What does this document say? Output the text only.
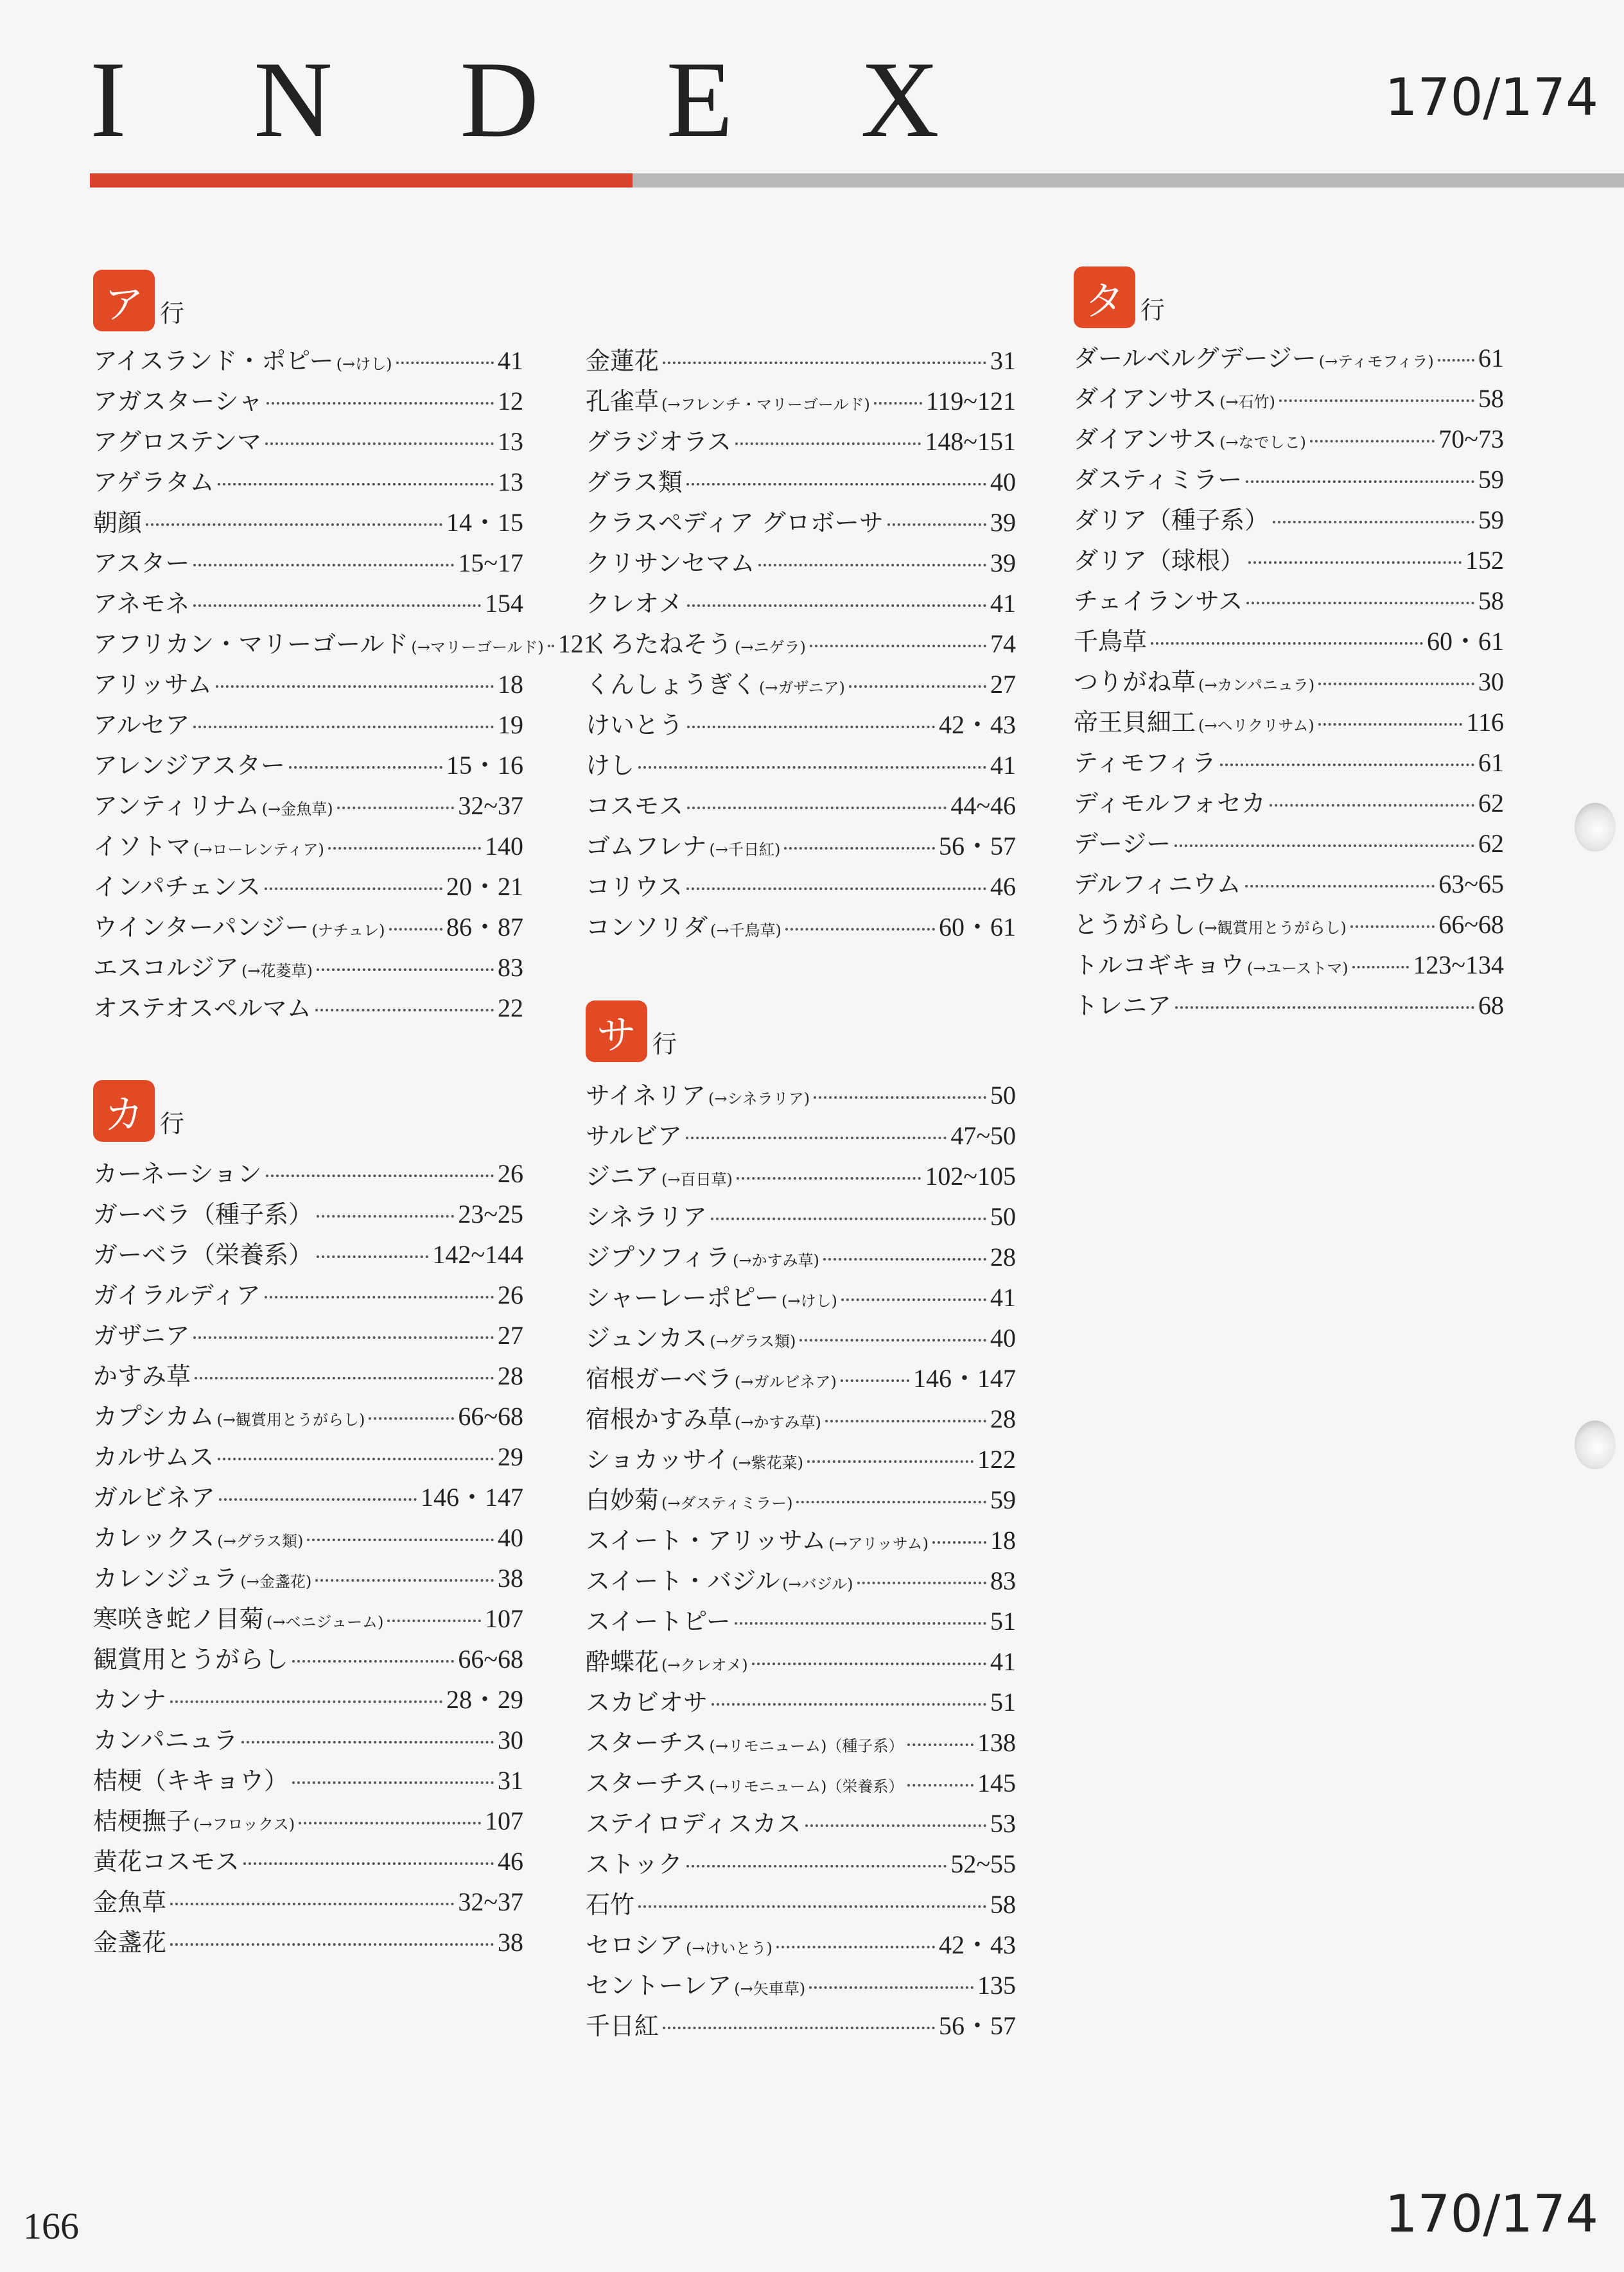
I N D E X	170/174
ア 行
アイスランド・ポピー (→けし)	41
アガスターシャ	12
アグロステンマ	13
アゲラタム	13
朝顔	14・15
アスター	15~17
アネモネ	154
アフリカン・マリーゴールド (→マリーゴールド) 121
アリッサム	18
アルセア	19
アレンジアスター	15・16
アンティリナム (→金魚草)	32~37
イソトマ (→ローレンティア)	140
インパチェンス	20・21
ウインターパンジー (ナチュレ) 86・87
エスコルジア (→花菱草)	83
オステオスペルマム	22
カ 行
カーネーション	26
ガーベラ（種子系）	23~25
ガーベラ（栄養系）	142~144
ガイラルディア	26
ガザニア	27
かすみ草	28
カプシカム (→観賞用とうがらし)	66~68
カルサムス	29
ガルビネア	146・147
カレックス (→グラス類)	40
カレンジュラ (→金盞花)	38
寒咲き蛇ノ目菊 (→ベニジューム)	107
観賞用とうがらし	66~68
カンナ	28・29
カンパニュラ	30
桔梗（キキョウ）	31
桔梗撫子 (→フロックス)	107
黄花コスモス	46
金魚草	32~37
金盞花	38
金蓮花	31
孔雀草 (→フレンチ・マリーゴールド) 119~121
グラジオラス	148~151
グラス類	40
クラスペディア グロボーサ	39
クリサンセマム	39
クレオメ	41
くろたねそう (→ニゲラ)	74
くんしょうぎく (→ガザニア)	27
けいとう	42・43
けし	41
コスモス	44~46
ゴムフレナ (→千日紅)	56・57
コリウス	46
コンソリダ (→千鳥草)	60・61
サ 行
サイネリア (→シネラリア)	50
サルビア	47~50
ジニア (→百日草)	102~105
シネラリア	50
ジプソフィラ (→かすみ草)	28
シャーレーポピー (→けし)	41
ジュンカス (→グラス類)	40
宿根ガーベラ (→ガルビネア)	146・147
宿根かすみ草 (→かすみ草)	28
ショカッサイ (→紫花菜)	122
白妙菊 (→ダスティミラー)	59
スイート・アリッサム (→アリッサム) 18
スイート・バジル (→バジル)	83
スイートピー	51
酔蝶花 (→クレオメ)	41
スカビオサ	51
スターチス (→リモニューム)（種子系）	138
スターチス (→リモニューム)（栄養系）	145
ステイロディスカス	53
ストック	52~55
石竹	58
セロシア (→けいとう)	42・43
セントーレア (→矢車草)	135
千日紅	56・57
タ 行
ダールベルグデージー (→ティモフィラ) 61
ダイアンサス (→石竹)	58
ダイアンサス (→なでしこ)	70~73
ダスティミラー	59
ダリア（種子系）	59
ダリア（球根）	152
チェイランサス	58
千鳥草	60・61
つりがね草 (→カンパニュラ)	30
帝王貝細工 (→ヘリクリサム)	116
ティモフィラ	61
ディモルフォセカ	62
デージー	62
デルフィニウム	63~65
とうがらし (→観賞用とうがらし)	66~68
トルコギキョウ (→ユーストマ)	123~134
トレニア	68
166	170/174
